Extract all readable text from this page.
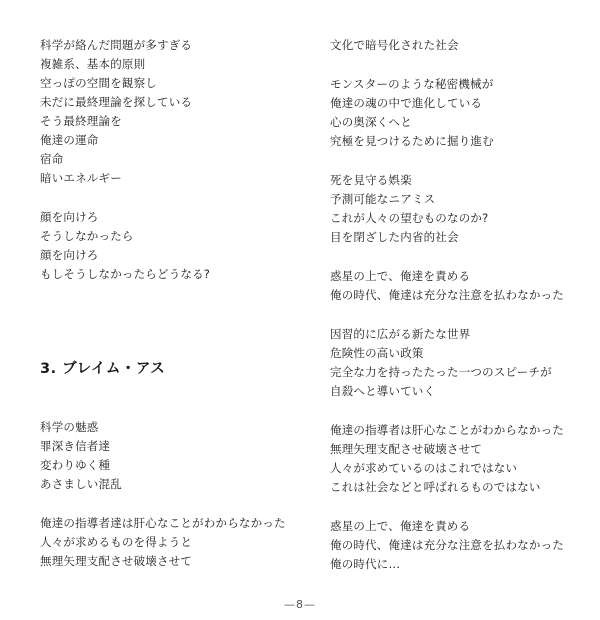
科学が絡んだ問題が多すぎる
複雑系、基本的原則
空っぽの空間を観察し
未だに最終理論を探している
そう最終理論を
俺達の運命
宿命
暗いエネルギー
顔を向けろ
そうしなかったら
顔を向けろ
もしそうしなかったらどうなる?
3. ブレイム・アス
科学の魅惑
罪深き信者達
変わりゆく種
あさましい混乱
俺達の指導者達は肝心なことがわからなかった
人々が求めるものを得ようと
無理矢理支配させ破壊させて
文化で暗号化された社会
モンスターのような秘密機械が
俺達の魂の中で進化している
心の奥深くへと
究極を見つけるために掘り進む
死を見守る娯楽
予測可能なニアミス
これが人々の望むものなのか?
目を閉ざした内省的社会
惑星の上で、俺達を責める
俺の時代、俺達は充分な注意を払わなかった
因習的に広がる新たな世界
危険性の高い政策
完全な力を持ったたった一つのスピーチが
自殺へと導いていく
俺達の指導者は肝心なことがわからなかった
無理矢理支配させ破壊させて
人々が求めているのはこれではない
これは社会などと呼ばれるものではない
惑星の上で、俺達を責める
俺の時代、俺達は充分な注意を払わなかった
俺の時代に…
—8—
